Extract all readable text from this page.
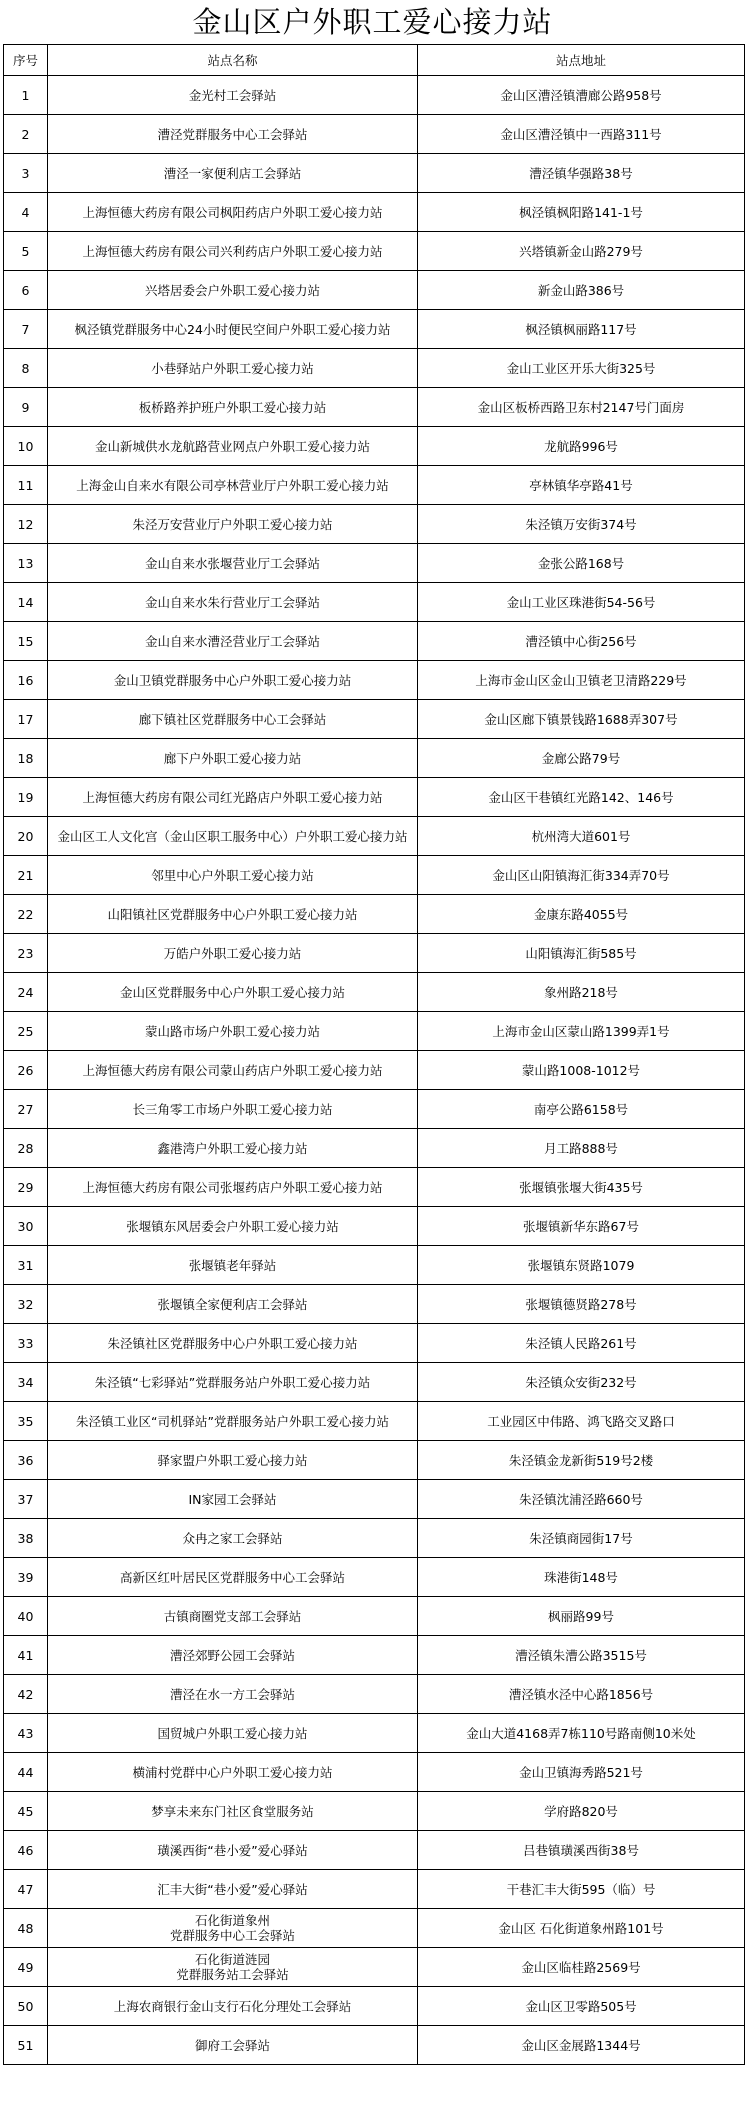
金山区户外职工爱心接力站
序号	站点名称	站点地址
1	金光村工会驿站	金山区漕泾镇漕廊公路958号
2	漕泾党群服务中心工会驿站	金山区漕泾镇中一西路311号
3	漕泾一家便利店工会驿站	漕泾镇华强路38号
4	上海恒德大药房有限公司枫阳药店户外职工爱心接力站	枫泾镇枫阳路141-1号
5	上海恒德大药房有限公司兴利药店户外职工爱心接力站	兴塔镇新金山路279号
6	兴塔居委会户外职工爱心接力站	新金山路386号
7	枫泾镇党群服务中心24小时便民空间户外职工爱心接力站	枫泾镇枫丽路117号
8	小巷驿站户外职工爱心接力站	金山工业区开乐大街325号
9	板桥路养护班户外职工爱心接力站	金山区板桥西路卫东村2147号门面房
10	金山新城供水龙航路营业网点户外职工爱心接力站	龙航路996号
11	上海金山自来水有限公司亭林营业厅户外职工爱心接力站	亭林镇华亭路41号
12	朱泾万安营业厅户外职工爱心接力站	朱泾镇万安街374号
13	金山自来水张堰营业厅工会驿站	金张公路168号
14	金山自来水朱行营业厅工会驿站	金山工业区珠港街54-56号
15	金山自来水漕泾营业厅工会驿站	漕泾镇中心街256号
16	金山卫镇党群服务中心户外职工爱心接力站	上海市金山区金山卫镇老卫清路229号
17	廊下镇社区党群服务中心工会驿站	金山区廊下镇景钱路1688弄307号
18	廊下户外职工爱心接力站	金廊公路79号
19	上海恒德大药房有限公司红光路店户外职工爱心接力站	金山区干巷镇红光路142、146号
20	金山区工人文化宫（金山区职工服务中心）户外职工爱心接力站	杭州湾大道601号
21	邻里中心户外职工爱心接力站	金山区山阳镇海汇街334弄70号
22	山阳镇社区党群服务中心户外职工爱心接力站	金康东路4055号
23	万皓户外职工爱心接力站	山阳镇海汇街585号
24	金山区党群服务中心户外职工爱心接力站	象州路218号
25	蒙山路市场户外职工爱心接力站	上海市金山区蒙山路1399弄1号
26	上海恒德大药房有限公司蒙山药店户外职工爱心接力站	蒙山路1008-1012号
27	长三角零工市场户外职工爱心接力站	南亭公路6158号
28	鑫港湾户外职工爱心接力站	月工路888号
29	上海恒德大药房有限公司张堰药店户外职工爱心接力站	张堰镇张堰大街435号
30	张堰镇东风居委会户外职工爱心接力站	张堰镇新华东路67号
31	张堰镇老年驿站	张堰镇东贤路1079
32	张堰镇全家便利店工会驿站	张堰镇德贤路278号
33	朱泾镇社区党群服务中心户外职工爱心接力站	朱泾镇人民路261号
34	朱泾镇“七彩驿站”党群服务站户外职工爱心接力站	朱泾镇众安街232号
35	朱泾镇工业区“司机驿站”党群服务站户外职工爱心接力站	工业园区中伟路、鸿飞路交叉路口
36	驿家盟户外职工爱心接力站	朱泾镇金龙新街519号2楼
37	IN家园工会驿站	朱泾镇沈浦泾路660号
38	众冉之家工会驿站	朱泾镇商园街17号
39	高新区红叶居民区党群服务中心工会驿站	珠港街148号
40	古镇商圈党支部工会驿站	枫丽路99号
41	漕泾郊野公园工会驿站	漕泾镇朱漕公路3515号
42	漕泾在水一方工会驿站	漕泾镇水泾中心路1856号
43	国贸城户外职工爱心接力站	金山大道4168弄7栋110号路南侧10米处
44	横浦村党群中心户外职工爱心接力站	金山卫镇海秀路521号
45	梦享未来东门社区食堂服务站	学府路820号
46	璜溪西街“巷小爱”爱心驿站	吕巷镇璜溪西街38号
47	汇丰大街“巷小爱”爱心驿站	干巷汇丰大街595（临）号
48	石化街道象州
党群服务中心工会驿站	金山区 石化街道象州路101号
49	石化街道涟园
党群服务站工会驿站	金山区临桂路2569号
50	上海农商银行金山支行石化分理处工会驿站	金山区卫零路505号
51	御府工会驿站	金山区金展路1344号
